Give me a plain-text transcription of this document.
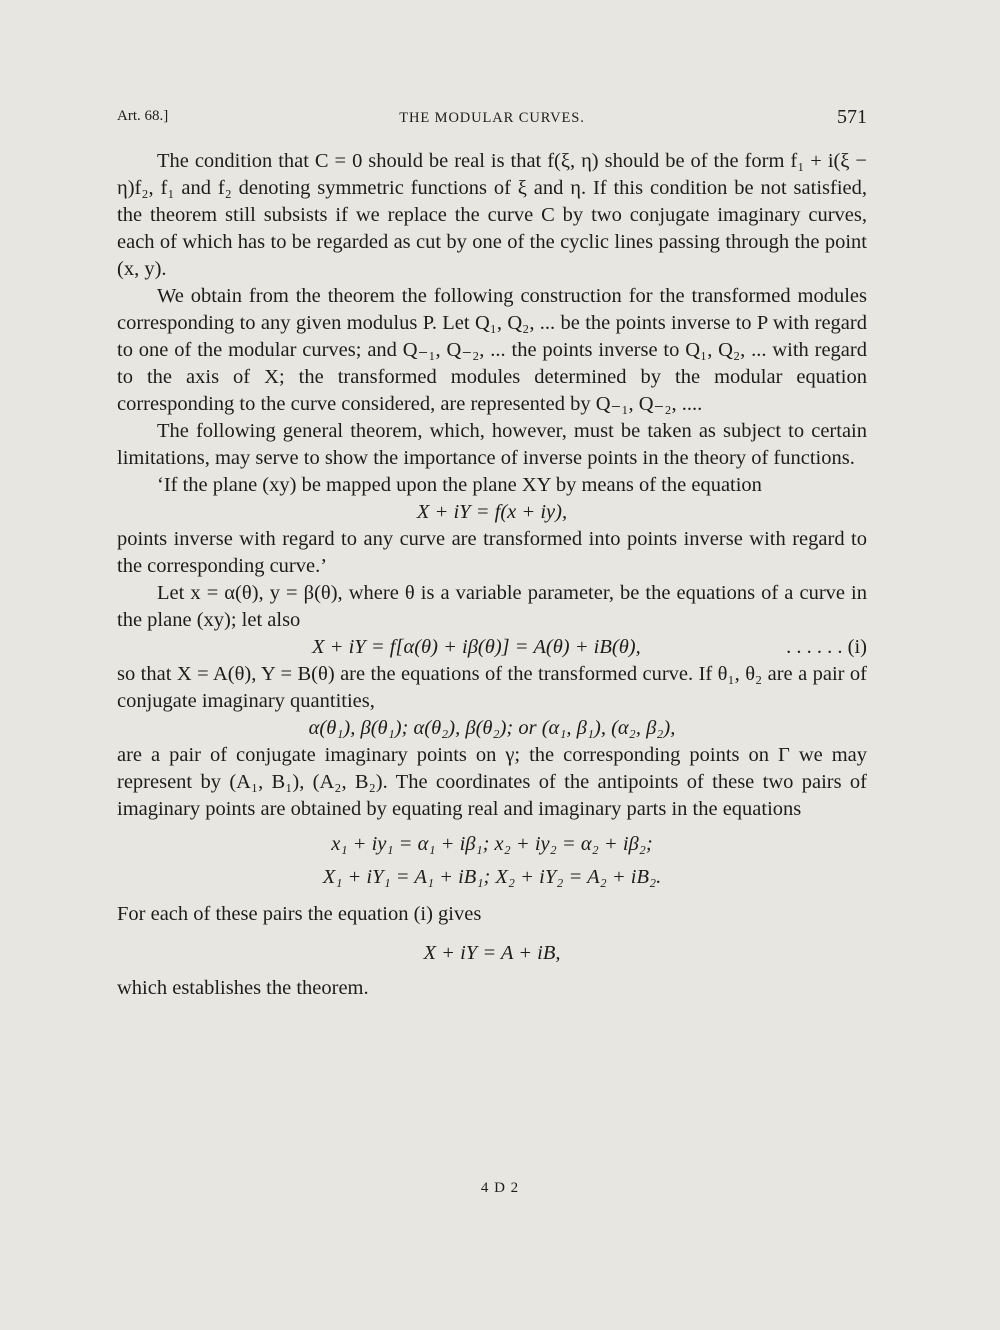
Art. 68.]	THE MODULAR CURVES.	571

The condition that C = 0 should be real is that f(ξ, η) should be of the form f₁ + i(ξ − η)f₂, f₁ and f₂ denoting symmetric functions of ξ and η. If this condition be not satisfied, the theorem still subsists if we replace the curve C by two conjugate imaginary curves, each of which has to be regarded as cut by one of the cyclic lines passing through the point (x, y).

We obtain from the theorem the following construction for the transformed modules corresponding to any given modulus P. Let Q₁, Q₂, ... be the points inverse to P with regard to one of the modular curves; and Q₋₁, Q₋₂, ... the points inverse to Q₁, Q₂, ... with regard to the axis of X; the transformed modules determined by the modular equation corresponding to the curve considered, are represented by Q₋₁, Q₋₂, ....

The following general theorem, which, however, must be taken as subject to certain limitations, may serve to show the importance of inverse points in the theory of functions.

‘If the plane (xy) be mapped upon the plane XY by means of the equation

X + iY = f(x + iy),

points inverse with regard to any curve are transformed into points inverse with regard to the corresponding curve.’

Let x = α(θ), y = β(θ), where θ is a variable parameter, be the equations of a curve in the plane (xy); let also

X + iY = f[α(θ) + iβ(θ)] = A(θ) + iB(θ),	. . . . . . (i)

so that X = A(θ), Y = B(θ) are the equations of the transformed curve. If θ₁, θ₂ are a pair of conjugate imaginary quantities,

α(θ₁), β(θ₁); α(θ₂), β(θ₂); or (α₁, β₁), (α₂, β₂),

are a pair of conjugate imaginary points on γ; the corresponding points on Γ we may represent by (A₁, B₁), (A₂, B₂). The coordinates of the antipoints of these two pairs of imaginary points are obtained by equating real and imaginary parts in the equations

x₁ + iy₁ = α₁ + iβ₁; x₂ + iy₂ = α₂ + iβ₂;

X₁ + iY₁ = A₁ + iB₁; X₂ + iY₂ = A₂ + iB₂.

For each of these pairs the equation (i) gives

X + iY = A + iB,

which establishes the theorem.

4 D 2
